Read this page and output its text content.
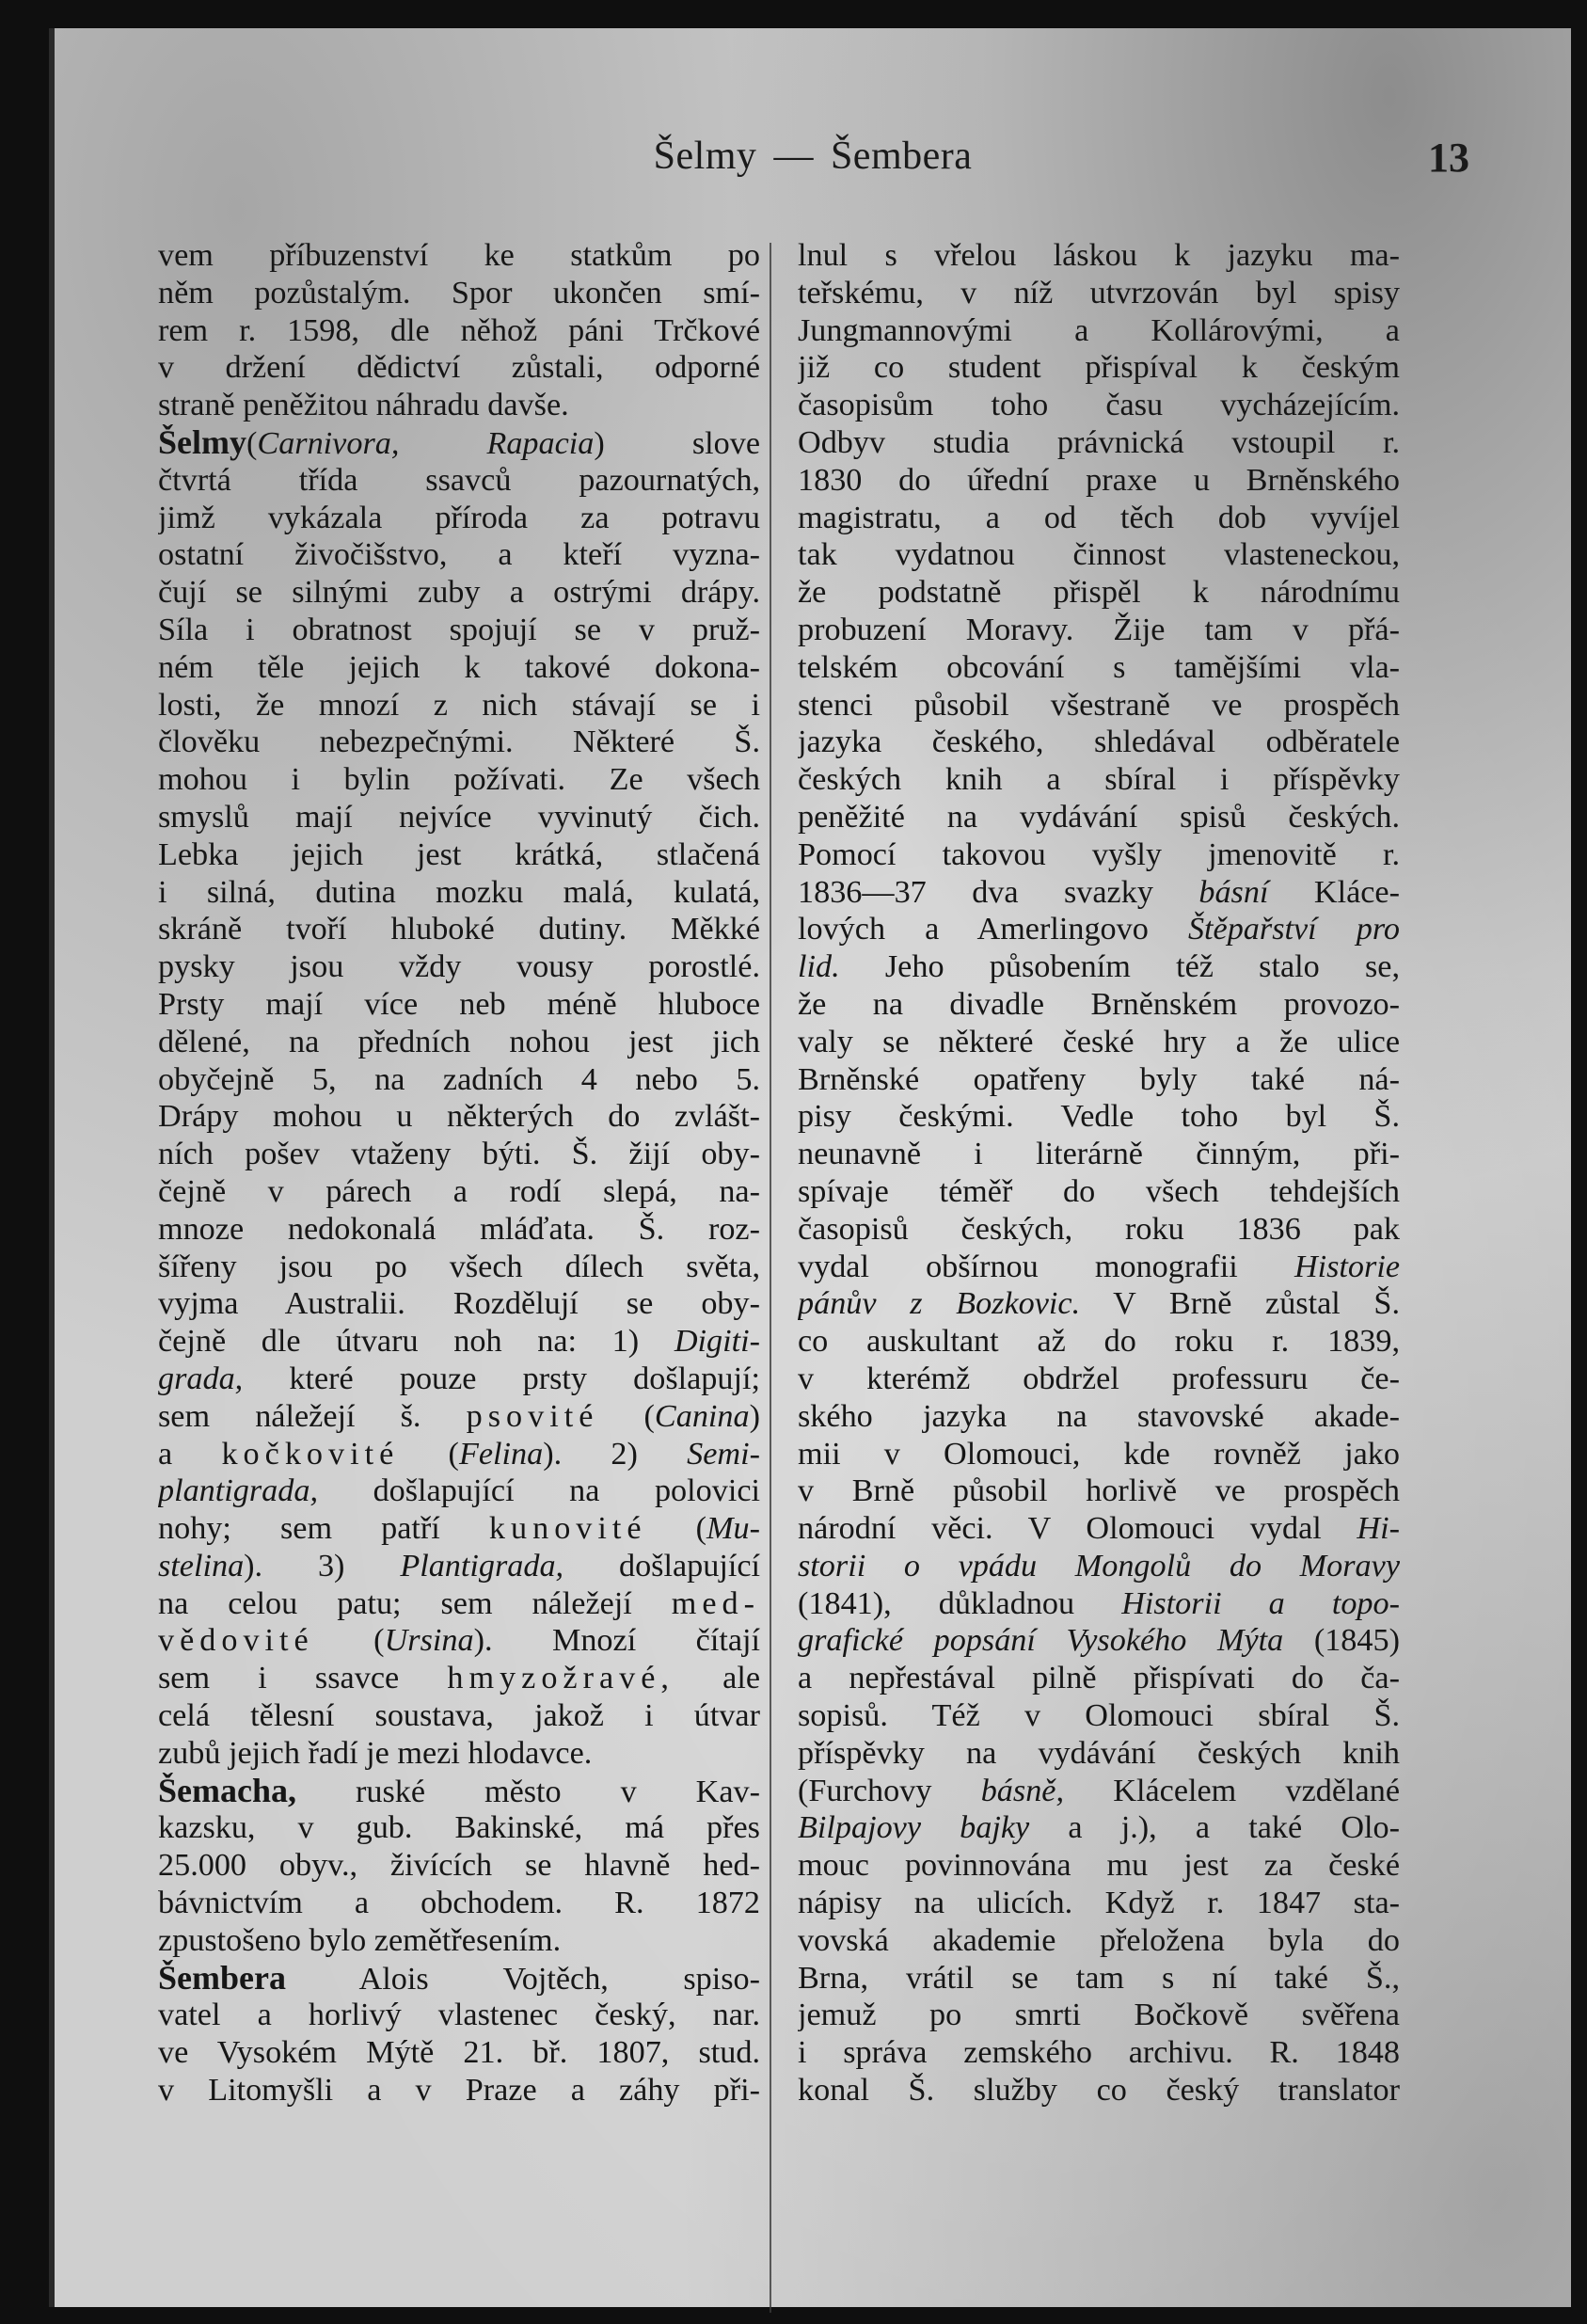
Šelmy — Šembera	13
vem příbuzenství ke statkům po
něm pozůstalým. Spor ukončen smí-
rem r. 1598, dle něhož páni Trčkové
v držení dědictví zůstali, odporné
straně peněžitou náhradu davše.
Šelmy(Carnivora, Rapacia) slove
čtvrtá třída ssavců pazournatých,
jimž vykázala příroda za potravu
ostatní živočišstvo, a kteří vyzna-
čují se silnými zuby a ostrými drápy.
Síla i obratnost spojují se v pruž-
ném těle jejich k takové dokona-
losti, že mnozí z nich stávají se i
člověku nebezpečnými. Některé Š.
mohou i bylin požívati. Ze všech
smyslů mají nejvíce vyvinutý čich.
Lebka jejich jest krátká, stlačená
i silná, dutina mozku malá, kulatá,
skráně tvoří hluboké dutiny. Měkké
pysky jsou vždy vousy porostlé.
Prsty mají více neb méně hluboce
dělené, na předních nohou jest jich
obyčejně 5, na zadních 4 nebo 5.
Drápy mohou u některých do zvlášt-
ních pošev vtaženy býti. Š. žijí oby-
čejně v párech a rodí slepá, na-
mnoze nedokonalá mláďata. Š. roz-
šířeny jsou po všech dílech světa,
vyjma Australii. Rozdělují se oby-
čejně dle útvaru noh na: 1) Digiti-
grada, které pouze prsty došlapují;
sem náležejí š. psovité (Canina)
a kočkovité (Felina). 2) Semi-
plantigrada, došlapující na polovici
nohy; sem patří kunovité (Mu-
stelina). 3) Plantigrada, došlapující
na celou patu; sem náležejí med-
vědovité (Ursina). Mnozí čítají
sem i ssavce hmyzožravé, ale
celá tělesní soustava, jakož i útvar
zubů jejich řadí je mezi hlodavce.
Šemacha, ruské město v Kav-
kazsku, v gub. Bakinské, má přes
25.000 obyv., živících se hlavně hed-
bávnictvím a obchodem. R. 1872
zpustošeno bylo zemětřesením.
Šembera Alois Vojtěch, spiso-
vatel a horlivý vlastenec český, nar.
ve Vysokém Mýtě 21. bř. 1807, stud.
v Litomyšli a v Praze a záhy při-
lnul s vřelou láskou k jazyku ma-
teřskému, v níž utvrzován byl spisy
Jungmannovými a Kollárovými, a
již co student přispíval k českým
časopisům toho času vycházejícím.
Odbyv studia právnická vstoupil r.
1830 do úřední praxe u Brněnského
magistratu, a od těch dob vyvíjel
tak vydatnou činnost vlasteneckou,
že podstatně přispěl k národnímu
probuzení Moravy. Žije tam v přá-
telském obcování s tamějšími vla-
stenci působil všestraně ve prospěch
jazyka českého, shledával odběratele
českých knih a sbíral i příspěvky
peněžité na vydávání spisů českých.
Pomocí takovou vyšly jmenovitě r.
1836—37 dva svazky básní Klácе-
lových a Amerlingovo Štěpařství pro
lid. Jeho působením též stalo se,
že na divadle Brněnském provozo-
valy se některé české hry a že ulice
Brněnské opatřeny byly také ná-
pisy českými. Vedle toho byl Š.
neunavně i literárně činným, při-
spívaje téměř do všech tehdejších
časopisů českých, roku 1836 pak
vydal obšírnou monografii Historie
pánův z Bozkovic. V Brně zůstal Š.
co auskultant až do roku r. 1839,
v kterémž obdržel professuru če-
ského jazyka na stavovské akade-
mii v Olomouci, kde rovněž jako
v Brně působil horlivě ve prospěch
národní věci. V Olomouci vydal Hi-
storii o vpádu Mongolů do Moravy
(1841), důkladnou Historii a topo-
grafické popsání Vysokého Mýta (1845)
a nepřestával pilně přispívati do ča-
sopisů. Též v Olomouci sbíral Š.
příspěvky na vydávání českých knih
(Furchovy básně, Klácelem vzdělané
Bilpajovy bajky a j.), a také Olo-
mouc povinnována mu jest za české
nápisy na ulicích. Když r. 1847 sta-
vovská akademie přeložena byla do
Brna, vrátil se tam s ní také Š.,
jemuž po smrti Bočkově svěřena
i správa zemského archivu. R. 1848
konal Š. služby co český translator
